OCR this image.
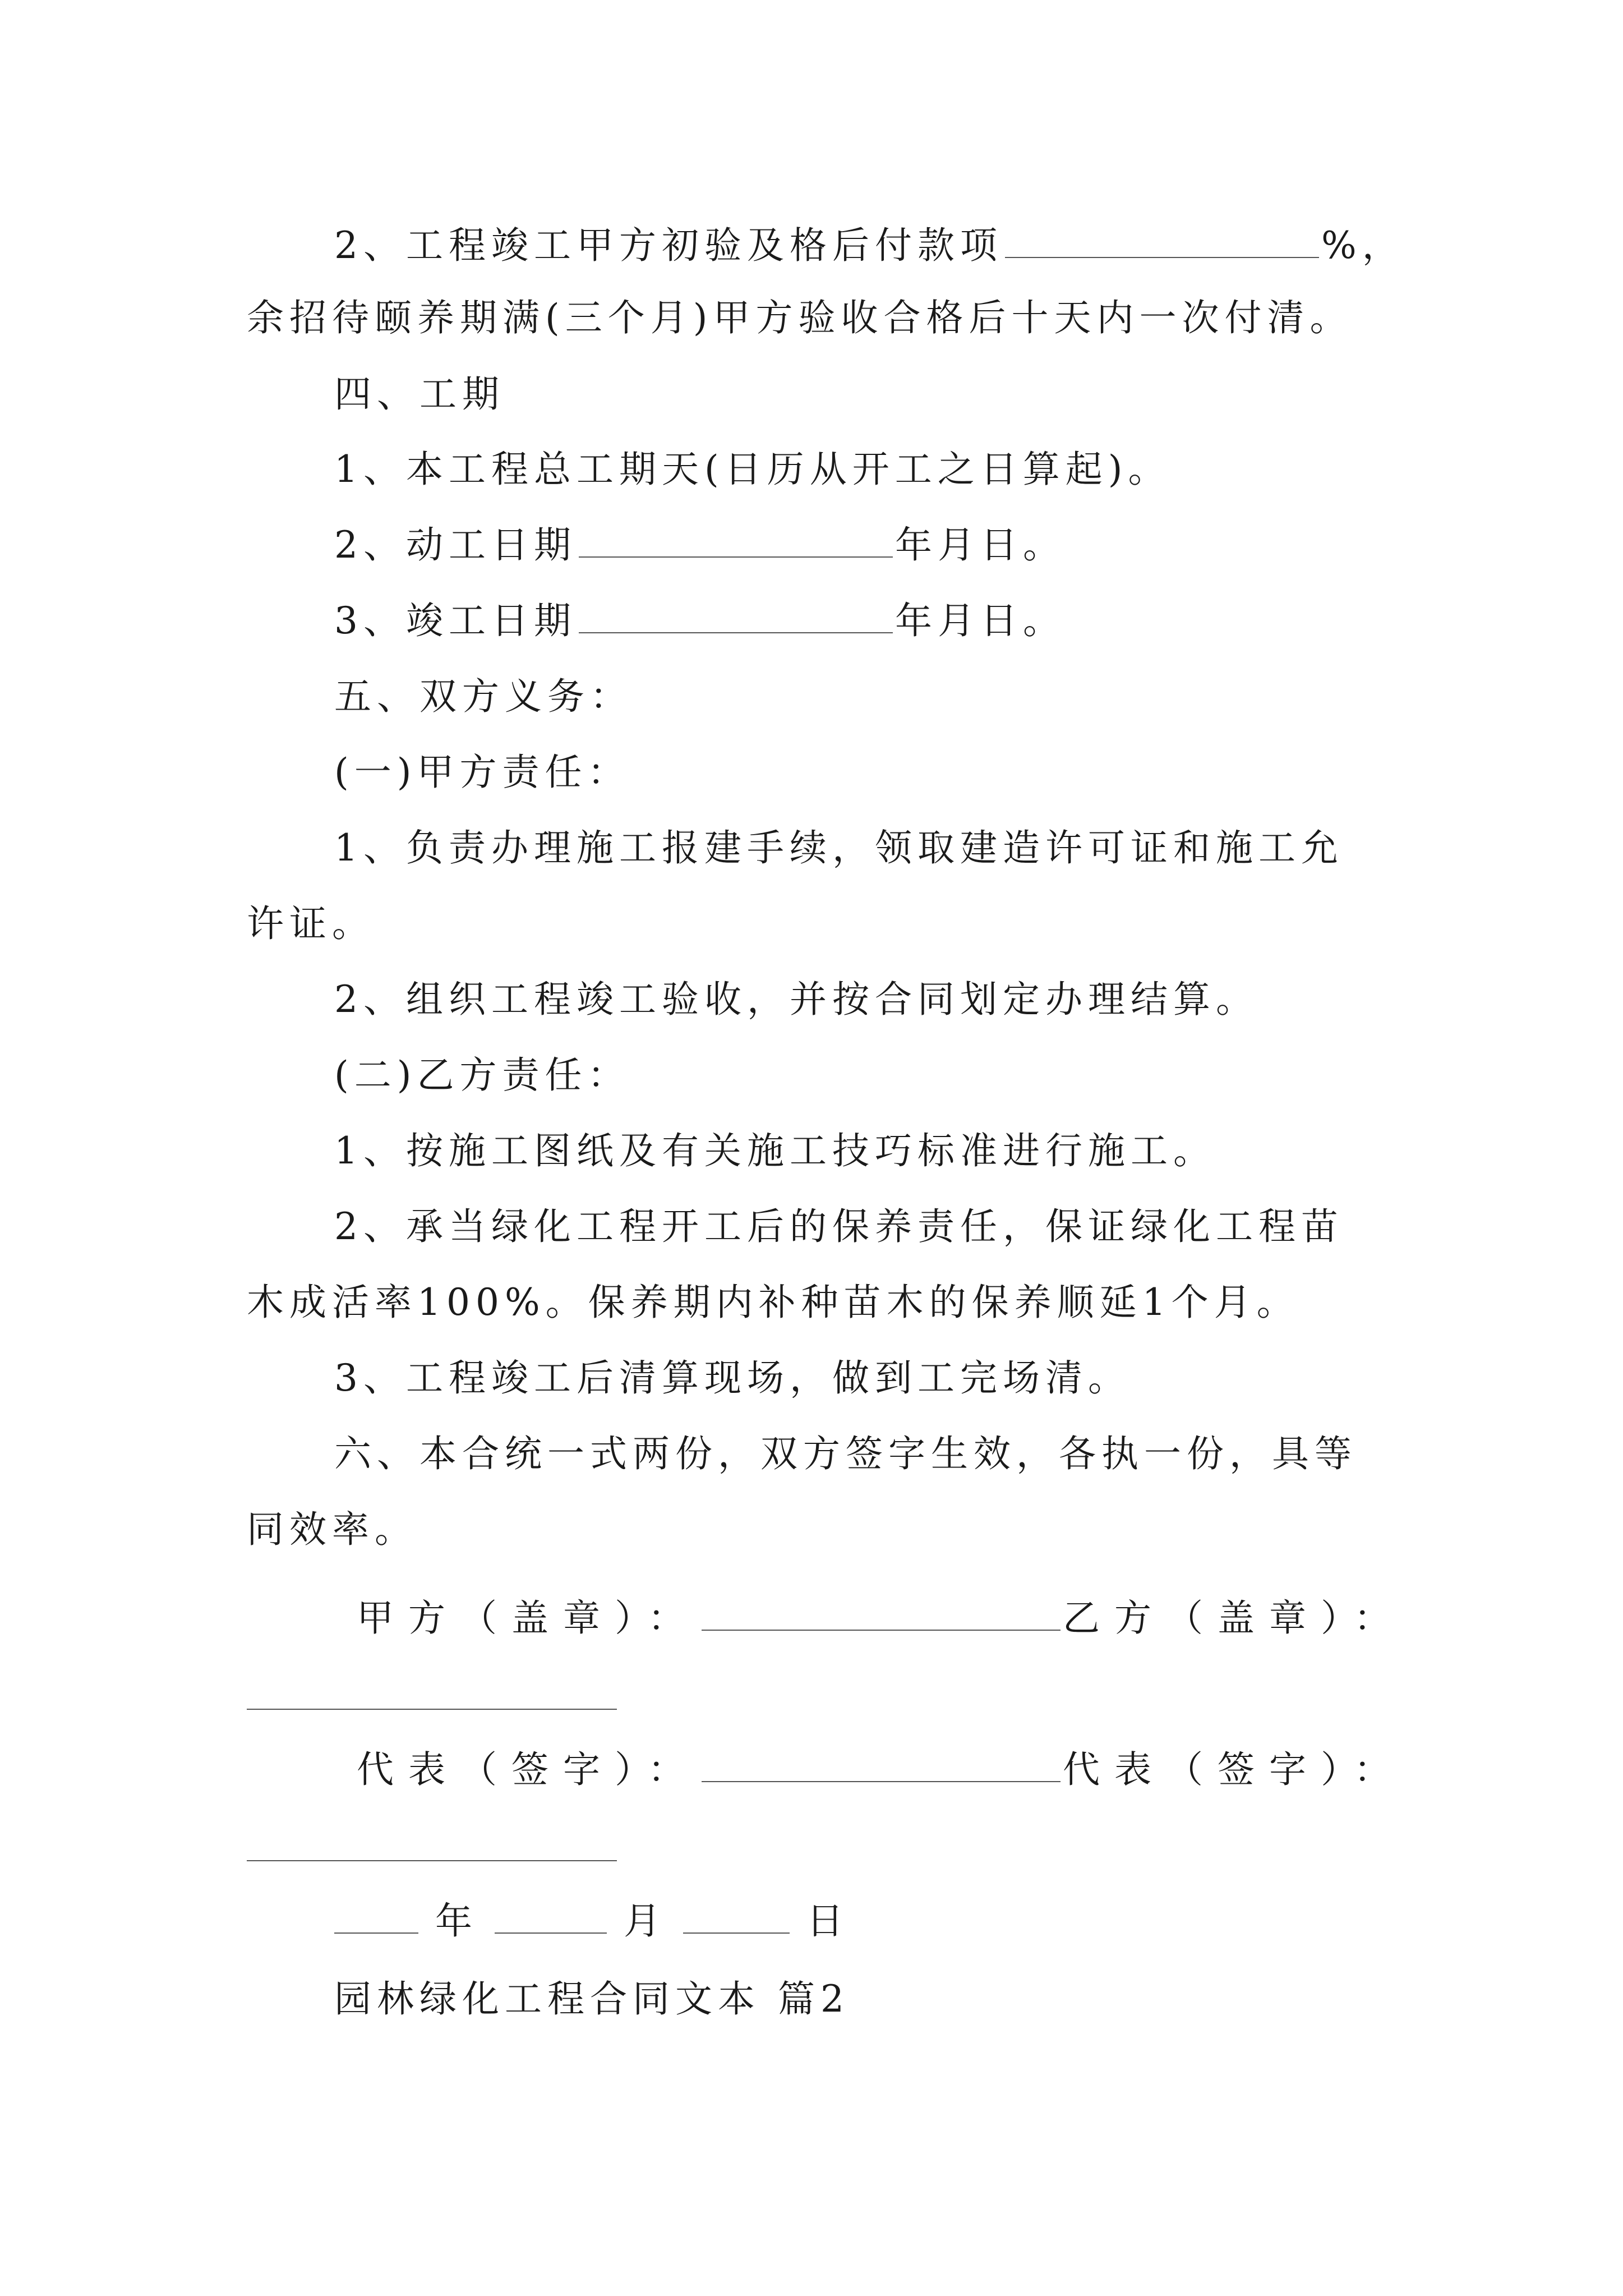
2、工程竣工甲方初验及格后付款项	%，
余招待颐养期满(三个月)甲方验收合格后十天内一次付清。
四、工期
1、本工程总工期天(日历从开工之日算起)。
2、动工日期	年月日。
3、竣工日期	年月日。
五、双方义务：
(一)甲方责任：
1、负责办理施工报建手续，领取建造许可证和施工允
许证。
2、组织工程竣工验收，并按合同划定办理结算。
(二)乙方责任：
1、按施工图纸及有关施工技巧标准进行施工。
2、承当绿化工程开工后的保养责任，保证绿化工程苗
木成活率100%。保养期内补种苗木的保养顺延1个月。
3、工程竣工后清算现场，做到工完场清。
六、本合统一式两份，双方签字生效，各执一份，具等
同效率。
甲方（盖章）：	乙方（盖章）：
代表（签字）：	代表（签字）：
年	月	日
园林绿化工程合同文本 篇2
